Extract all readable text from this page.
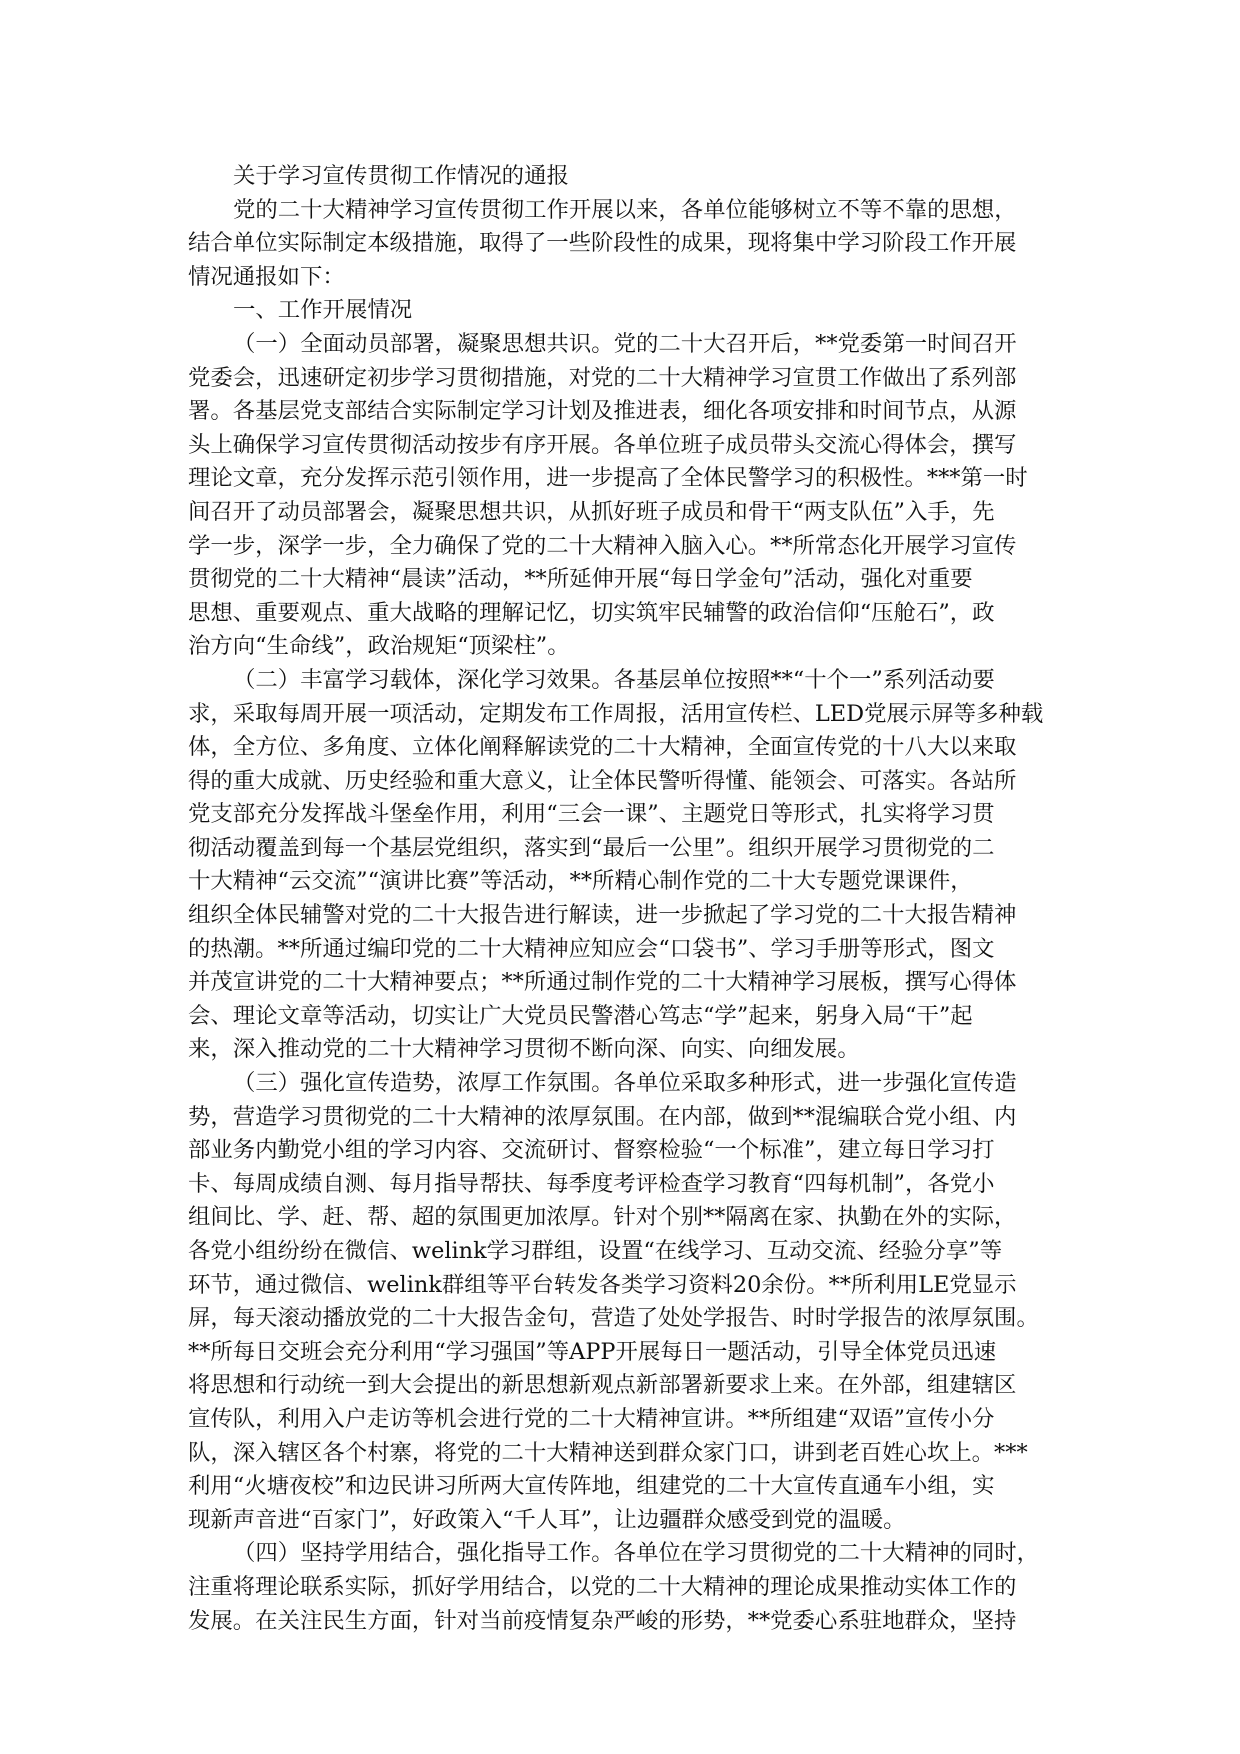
关于学习宣传贯彻工作情况的通报
党的二十大精神学习宣传贯彻工作开展以来，各单位能够树立不等不靠的思想，
结合单位实际制定本级措施，取得了一些阶段性的成果，现将集中学习阶段工作开展
情况通报如下：
一、工作开展情况
（一）全面动员部署，凝聚思想共识。党的二十大召开后，**党委第一时间召开
党委会，迅速研定初步学习贯彻措施，对党的二十大精神学习宣贯工作做出了系列部
署。各基层党支部结合实际制定学习计划及推进表，细化各项安排和时间节点，从源
头上确保学习宣传贯彻活动按步有序开展。各单位班子成员带头交流心得体会，撰写
理论文章，充分发挥示范引领作用，进一步提高了全体民警学习的积极性。***第一时
间召开了动员部署会，凝聚思想共识，从抓好班子成员和骨干“两支队伍”入手，先
学一步，深学一步，全力确保了党的二十大精神入脑入心。**所常态化开展学习宣传
贯彻党的二十大精神“晨读”活动，**所延伸开展“每日学金句”活动，强化对重要
思想、重要观点、重大战略的理解记忆，切实筑牢民辅警的政治信仰“压舱石”，政
治方向“生命线”，政治规矩“顶梁柱”。
（二）丰富学习载体，深化学习效果。各基层单位按照**“十个一”系列活动要
求，采取每周开展一项活动，定期发布工作周报，活用宣传栏、LED党展示屏等多种载
体，全方位、多角度、立体化阐释解读党的二十大精神，全面宣传党的十八大以来取
得的重大成就、历史经验和重大意义，让全体民警听得懂、能领会、可落实。各站所
党支部充分发挥战斗堡垒作用，利用“三会一课”、主题党日等形式，扎实将学习贯
彻活动覆盖到每一个基层党组织，落实到“最后一公里”。组织开展学习贯彻党的二
十大精神“云交流”“演讲比赛”等活动，**所精心制作党的二十大专题党课课件，
组织全体民辅警对党的二十大报告进行解读，进一步掀起了学习党的二十大报告精神
的热潮。**所通过编印党的二十大精神应知应会“口袋书”、学习手册等形式，图文
并茂宣讲党的二十大精神要点；**所通过制作党的二十大精神学习展板，撰写心得体
会、理论文章等活动，切实让广大党员民警潜心笃志“学”起来，躬身入局“干”起
来，深入推动党的二十大精神学习贯彻不断向深、向实、向细发展。
（三）强化宣传造势，浓厚工作氛围。各单位采取多种形式，进一步强化宣传造
势，营造学习贯彻党的二十大精神的浓厚氛围。在内部，做到**混编联合党小组、内
部业务内勤党小组的学习内容、交流研讨、督察检验“一个标准”，建立每日学习打
卡、每周成绩自测、每月指导帮扶、每季度考评检查学习教育“四每机制”，各党小
组间比、学、赶、帮、超的氛围更加浓厚。针对个别**隔离在家、执勤在外的实际，
各党小组纷纷在微信、welink学习群组，设置“在线学习、互动交流、经验分享”等
环节，通过微信、welink群组等平台转发各类学习资料20余份。**所利用LE党显示
屏，每天滚动播放党的二十大报告金句，营造了处处学报告、时时学报告的浓厚氛围。
**所每日交班会充分利用“学习强国”等APP开展每日一题活动，引导全体党员迅速
将思想和行动统一到大会提出的新思想新观点新部署新要求上来。在外部，组建辖区
宣传队，利用入户走访等机会进行党的二十大精神宣讲。**所组建“双语”宣传小分
队，深入辖区各个村寨，将党的二十大精神送到群众家门口，讲到老百姓心坎上。***
利用“火塘夜校”和边民讲习所两大宣传阵地，组建党的二十大宣传直通车小组，实
现新声音进“百家门”，好政策入“千人耳”，让边疆群众感受到党的温暖。
（四）坚持学用结合，强化指导工作。各单位在学习贯彻党的二十大精神的同时，
注重将理论联系实际，抓好学用结合，以党的二十大精神的理论成果推动实体工作的
发展。在关注民生方面，针对当前疫情复杂严峻的形势，**党委心系驻地群众，坚持
